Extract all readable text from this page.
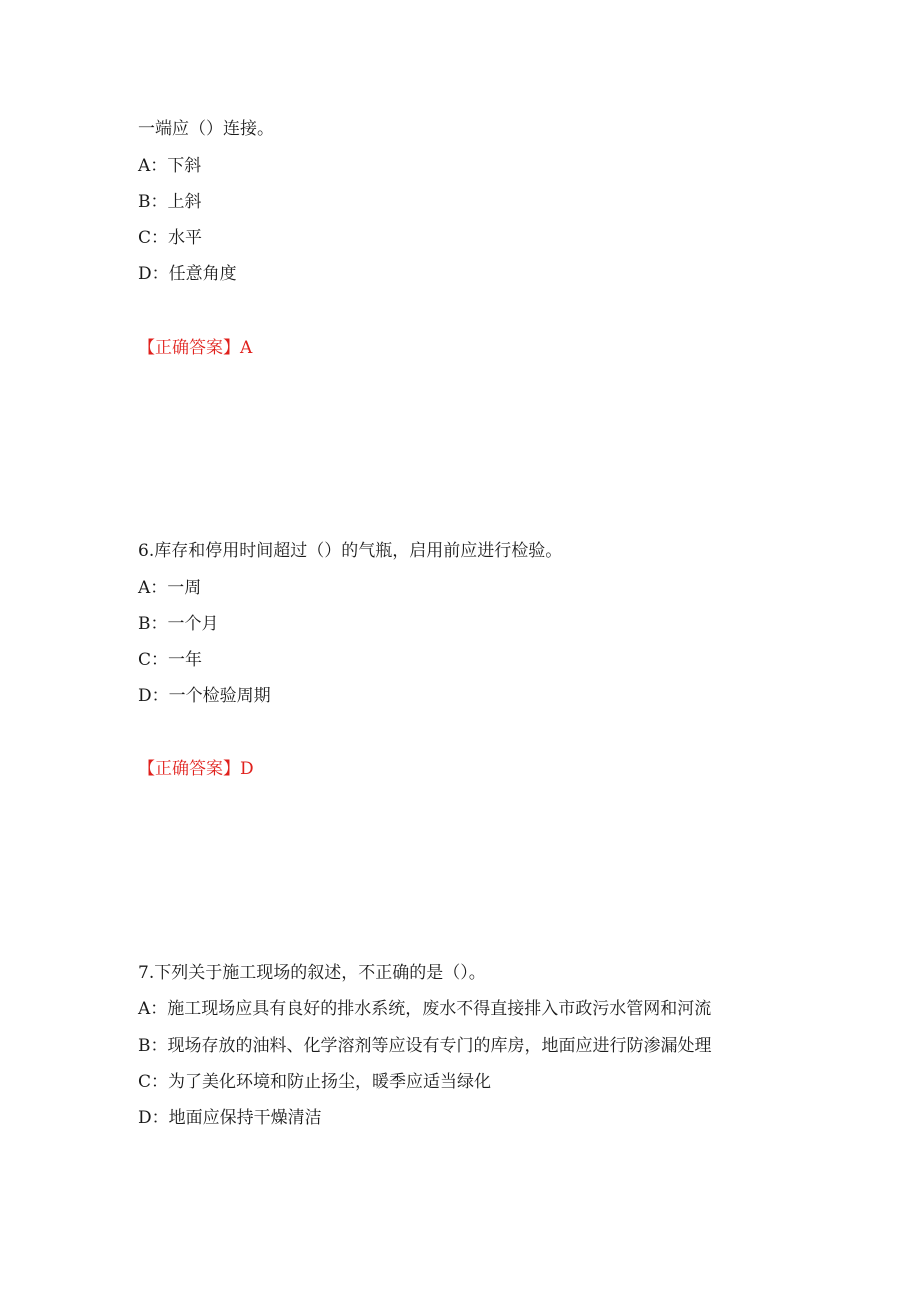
一端应（）连接。
A：下斜
B：上斜
C：水平
D：任意角度
【正确答案】A
6.库存和停用时间超过（）的气瓶，启用前应进行检验。
A：一周
B：一个月
C：一年
D：一个检验周期
【正确答案】D
7.下列关于施工现场的叙述，不正确的是（）。
A：施工现场应具有良好的排水系统，废水不得直接排入市政污水管网和河流
B：现场存放的油料、化学溶剂等应设有专门的库房，地面应进行防渗漏处理
C：为了美化环境和防止扬尘，暖季应适当绿化
D：地面应保持干燥清洁
